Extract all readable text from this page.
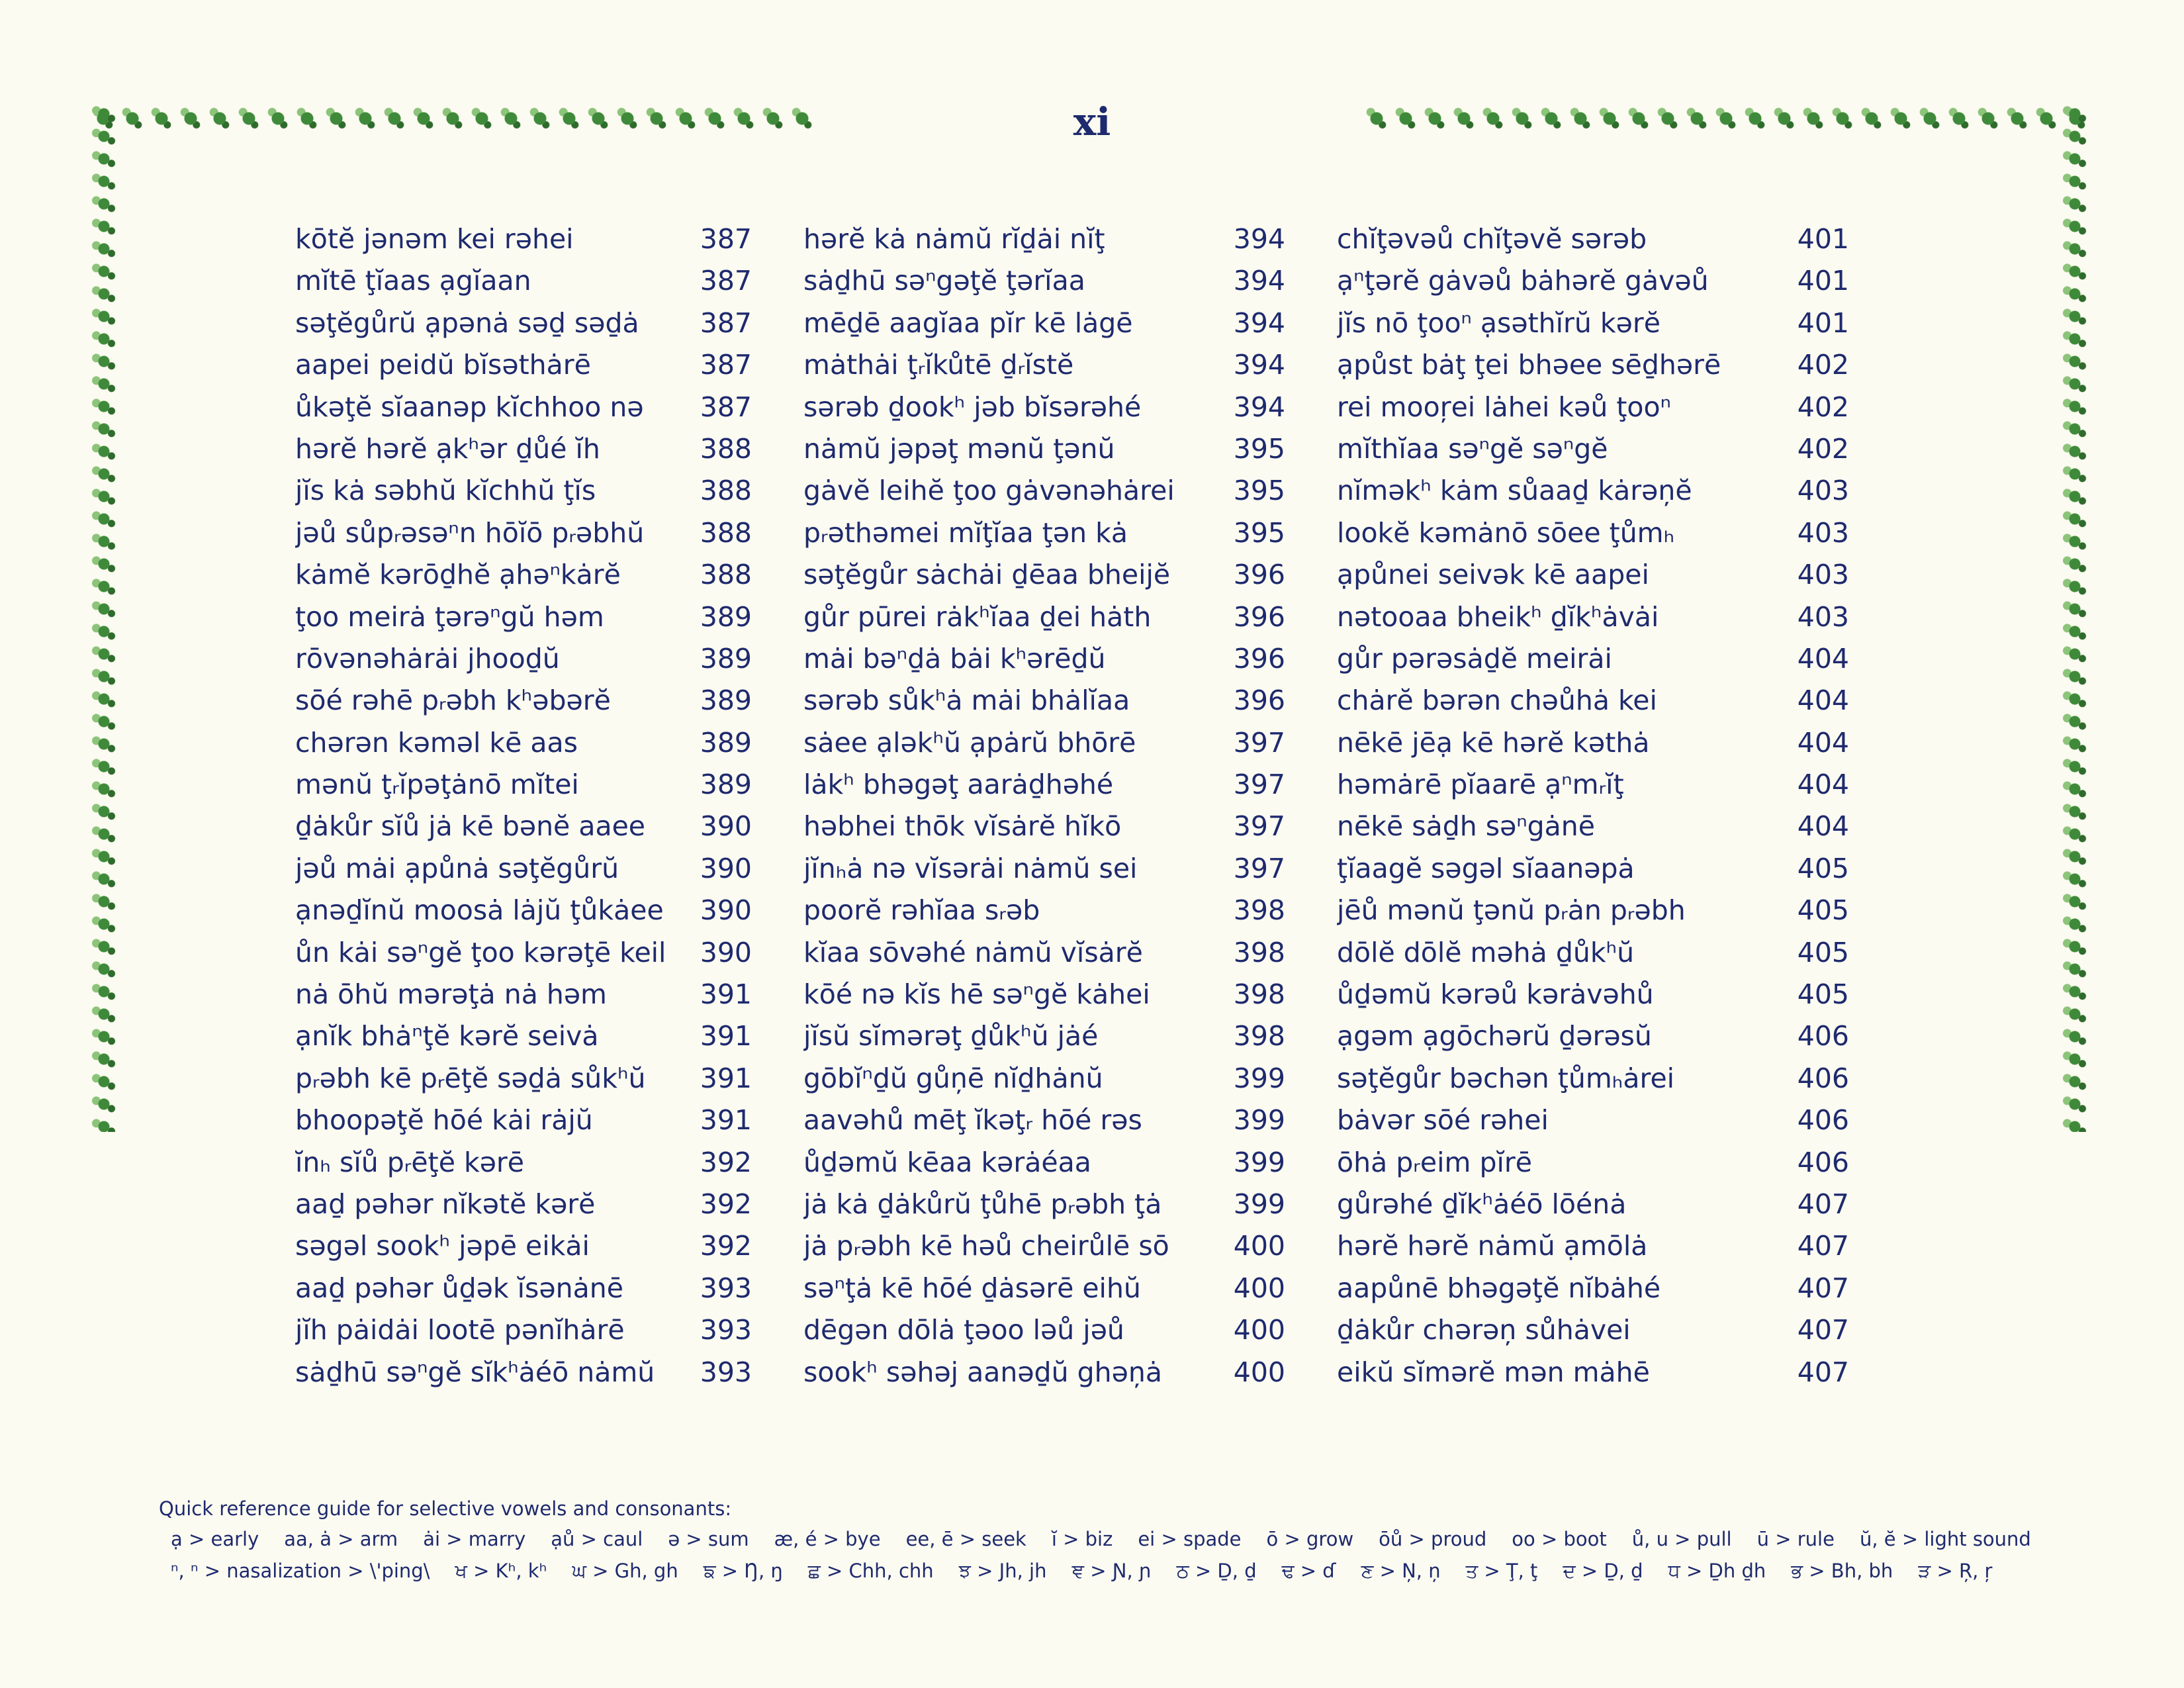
xi
kōtĕ jənəm kei rəhei	387
mĭtē ţĭaas ạgĭaan	387
səţĕgůrŭ ạpənȧ səḏ səḏȧ 387
aapei peidŭ bĭsəthȧrē	387
ůkəţĕ sĭaanəp kĭchhoo nə 387
hərĕ hərĕ ạkʰər ḏůé ĭh	388
jĭs kȧ səbhŭ kĭchhŭ ţĭs	388
jəů sůpᵣəsəⁿn hōĭō pᵣəbhŭ 388
kȧmĕ kərōḏhĕ ạhəⁿkȧrĕ	388
ţoo meirȧ ţərəⁿgŭ həm	389
rōvənəhȧrȧi jhooḏŭ	389
sōé rəhē pᵣəbh kʰəbərĕ	389
chərən kəməl kē aas	389
mənŭ ţᵣĭpəţȧnō mĭtei	389
ḏȧkůr sĭů jȧ kē bənĕ aaee 390
jəů mȧi ạpůnȧ səţĕgůrŭ	390
ạnəḏĭnŭ moosȧ lȧjŭ ţůkȧee 390
ůn kȧi səⁿgĕ ţoo kərəţē keil 390
nȧ ōhŭ mərəţȧ nȧ həm	391
ạnĭk bhȧⁿţĕ kərĕ seivȧ	391
pᵣəbh kē pᵣēţĕ səḏȧ sůkʰŭ 391
bhoopəţĕ hōé kȧi rȧjŭ	391
ĭnₕ sĭů pᵣēţĕ kərē	392
aaḏ pəhər nĭkətĕ kərĕ	392
səgəl sookʰ jəpē eikȧi	392
aaḏ pəhər ůḏək ĭsənȧnē	393
jĭh pȧidȧi lootē pənĭhȧrē	393
sȧḏhū səⁿgĕ sĭkʰȧéō nȧmŭ 393
hərĕ kȧ nȧmŭ rĭḏȧi nĭţ	394
sȧḏhū səⁿgəţĕ ţərĭaa	394
mēḏē aagĭaa pĭr kē lȧgē	394
mȧthȧi ţᵣĭkůtē ḏᵣĭstĕ	394
sərəb ḏookʰ jəb bĭsərəhé	394
nȧmŭ jəpəţ mənŭ ţənŭ	395
gȧvĕ leihĕ ţoo gȧvənəhȧrei 395
pᵣəthəmei mĭţĭaa ţən kȧ	395
səţĕgůr sȧchȧi ḏēaa bheijĕ 396
gůr pūrei rȧkʰĭaa ḏei hȧth	396
mȧi bəⁿḏȧ bȧi kʰərēḏŭ	396
sərəb sůkʰȧ mȧi bhȧlĭaa	396
sȧee ạləkʰŭ ạpȧrŭ bhōrē	397
lȧkʰ bhəgəţ aarȧḏhəhé	397
həbhei thōk vĭsȧrĕ hĭkō	397
jĭnₕȧ nə vĭsərȧi nȧmŭ sei	397
poorĕ rəhĭaa sᵣəb	398
kĭaa sōvəhé nȧmŭ vĭsȧrĕ	398
kōé nə kĭs hē səⁿgĕ kȧhei	398
jĭsŭ sĭmərəţ ḏůkʰŭ jȧé	398
gōbĭⁿḏŭ gůņē nĭḏhȧnŭ	399
aavəhů mēţ ĭkəţᵣ hōé rəs	399
ůḏəmŭ kēaa kərȧéaa	399
jȧ kȧ ḏȧkůrŭ ţůhē pᵣəbh ţȧ	399
jȧ pᵣəbh kē həů cheirůlē sō 400
səⁿţȧ kē hōé ḏȧsərē eihŭ	400
dēgən dōlȧ ţəoo ləů jəů	400
sookʰ səhəj aanəḏŭ ghəņȧ	400
chĭţəvəů chĭţəvĕ sərəb	401
ạⁿţərĕ gȧvəů bȧhərĕ gȧvəů	401
jĭs nō ţooⁿ ạsəthĭrŭ kərĕ	401
ạpůst bȧţ ţei bhəee sēḏhərē	402
rei mooŗei lȧhei kəů ţooⁿ	402
mĭthĭaa səⁿgĕ səⁿgĕ	402
nĭməkʰ kȧm sůaaḏ kȧrəņĕ	403
lookĕ kəmȧnō sōee ţůmₕ	403
ạpůnei seivək kē aapei	403
nətooaa bheikʰ ḏĭkʰȧvȧi	403
gůr pərəsȧḏĕ meirȧi	404
chȧrĕ bərən chəůhȧ kei	404
nēkē jēạ kē hərĕ kəthȧ	404
həmȧrē pĭaarē ạⁿmᵣĭţ	404
nēkē sȧḏh səⁿgȧnē	404
ţĭaagĕ səgəl sĭaanəpȧ	405
jēů mənŭ ţənŭ pᵣȧn pᵣəbh	405
dōlĕ dōlĕ məhȧ ḏůkʰŭ	405
ůḏəmŭ kərəů kərȧvəhů	405
ạgəm ạgōchərŭ ḏərəsŭ	406
səţĕgůr bəchən ţůmₕȧrei	406
bȧvər sōé rəhei	406
ōhȧ pᵣeim pĭrē	406
gůrəhé ḏĭkʰȧéō lōénȧ	407
hərĕ hərĕ nȧmŭ ạmōlȧ	407
aapůnē bhəgəţĕ nĭbȧhé	407
ḏȧkůr chərəņ sůhȧvei	407
eikŭ sĭmərĕ mən mȧhē	407
Quick reference guide for selective vowels and consonants:
ạ > early aa, ȧ > arm ȧi > marry ạů > caul ə > sum æ, é > bye ee, ē > seek ĭ > biz ei > spade ō > grow ōů > proud oo > boot ů, u > pull ū > rule ŭ, ĕ > light sound
ⁿ, ⁿ > nasalization > \'ping\ ਖ > Kʰ, kʰ ਘ > Gh, gh ਙ > Ŋ, ŋ ਛ > Chh, chh ਝ > Jh, jh ਞ > Ɲ, ɲ ਠ > Ḏ, ḏ ਢ > ɗ ਣ > Ņ, ņ ਤ > Ţ, ţ ਦ > Ḏ, ḏ ਧ > Ḏh ḏh ਭ > Bh, bh ੜ > Ŗ, ŗ
